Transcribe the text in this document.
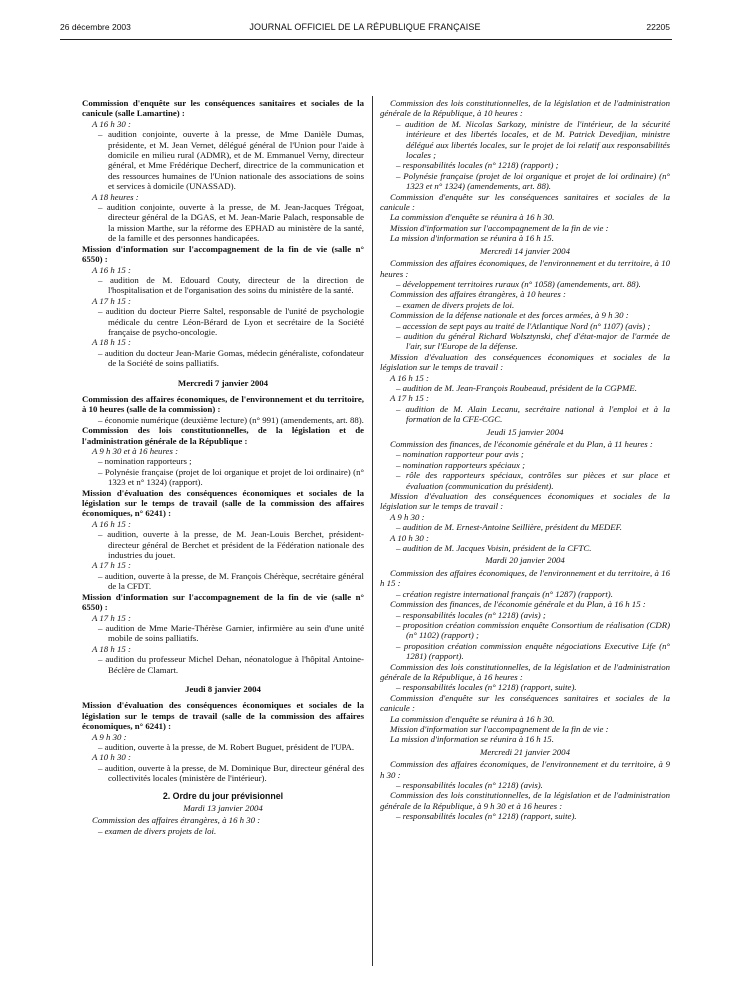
26 décembre 2003	JOURNAL OFFICIEL DE LA RÉPUBLIQUE FRANÇAISE	22205
Commission d'enquête sur les conséquences sanitaires et sociales de la canicule (salle Lamartine) :
A 16 h 30 :
– audition conjointe, ouverte à la presse, de Mme Danièle Dumas, présidente, et M. Jean Vernet, délégué général de l'Union pour l'aide à domicile en milieu rural (ADMR), et de M. Emmanuel Verny, directeur général, et Mme Frédérique Decherf, directrice de la communication et des ressources humaines de l'Union nationale des associations de soins et services à domicile (UNASSAD).
A 18 heures :
– audition conjointe, ouverte à la presse, de M. Jean-Jacques Trégoat, directeur général de la DGAS, et M. Jean-Marie Palach, responsable de la mission Marthe, sur la réforme des EPHAD au ministère de la santé, de la famille et des personnes handicapées.
Mission d'information sur l'accompagnement de la fin de vie (salle n° 6550) :
A 16 h 15 :
– audition de M. Edouard Couty, directeur de la direction de l'hospitalisation et de l'organisation des soins du ministère de la santé.
A 17 h 15 :
– audition du docteur Pierre Saltel, responsable de l'unité de psychologie médicale du centre Léon-Bérard de Lyon et secrétaire de la Société française de psycho-oncologie.
A 18 h 15 :
– audition du docteur Jean-Marie Gomas, médecin généraliste, cofondateur de la Société de soins palliatifs.
Mercredi 7 janvier 2004
Commission des affaires économiques, de l'environnement et du territoire, à 10 heures (salle de la commission) :
– économie numérique (deuxième lecture) (n° 991) (amendements, art. 88).
Commission des lois constitutionnelles, de la législation et de l'administration générale de la République :
A 9 h 30 et à 16 heures :
– nomination rapporteurs ;
– Polynésie française (projet de loi organique et projet de loi ordinaire) (n° 1323 et n° 1324) (rapport).
Mission d'évaluation des conséquences économiques et sociales de la législation sur le temps de travail (salle de la commission des affaires économiques, n° 6241) :
A 16 h 15 :
– audition, ouverte à la presse, de M. Jean-Louis Berchet, président-directeur général de Berchet et président de la Fédération nationale des industries du jouet.
A 17 h 15 :
– audition, ouverte à la presse, de M. François Chérèque, secrétaire général de la CFDT.
Mission d'information sur l'accompagnement de la fin de vie (salle n° 6550) :
A 17 h 15 :
– audition de Mme Marie-Thérèse Garnier, infirmière au sein d'une unité mobile de soins palliatifs.
A 18 h 15 :
– audition du professeur Michel Dehan, néonatologue à l'hôpital Antoine-Béclère de Clamart.
Jeudi 8 janvier 2004
Mission d'évaluation des conséquences économiques et sociales de la législation sur le temps de travail (salle de la commission des affaires économiques, n° 6241) :
A 9 h 30 :
– audition, ouverte à la presse, de M. Robert Buguet, président de l'UPA.
A 10 h 30 :
– audition, ouverte à la presse, de M. Dominique Bur, directeur général des collectivités locales (ministère de l'intérieur).
2. Ordre du jour prévisionnel
Mardi 13 janvier 2004
Commission des affaires étrangères, à 16 h 30 :
– examen de divers projets de loi.
Commission des lois constitutionnelles, de la législation et de l'administration générale de la République, à 10 heures :
– audition de M. Nicolas Sarkozy, ministre de l'intérieur, de la sécurité intérieure et des libertés locales, et de M. Patrick Devedjian, ministre délégué aux libertés locales, sur le projet de loi relatif aux responsabilités locales ;
– responsabilités locales (n° 1218) (rapport) ;
– Polynésie française (projet de loi organique et projet de loi ordinaire) (n° 1323 et n° 1324) (amendements, art. 88).
Commission d'enquête sur les conséquences sanitaires et sociales de la canicule :
La commission d'enquête se réunira à 16 h 30.
Mission d'information sur l'accompagnement de la fin de vie :
La mission d'information se réunira à 16 h 15.
Mercredi 14 janvier 2004
Commission des affaires économiques, de l'environnement et du territoire, à 10 heures :
– développement territoires ruraux (n° 1058) (amendements, art. 88).
Commission des affaires étrangères, à 10 heures :
– examen de divers projets de loi.
Commission de la défense nationale et des forces armées, à 9 h 30 :
– accession de sept pays au traité de l'Atlantique Nord (n° 1107) (avis) ;
– audition du général Richard Wolsztynski, chef d'état-major de l'armée de l'air, sur l'Europe de la défense.
Mission d'évaluation des conséquences économiques et sociales de la législation sur le temps de travail :
A 16 h 15 :
– audition de M. Jean-François Roubeaud, président de la CGPME.
A 17 h 15 :
– audition de M. Alain Lecanu, secrétaire national à l'emploi et à la formation de la CFE-CGC.
Jeudi 15 janvier 2004
Commission des finances, de l'économie générale et du Plan, à 11 heures :
– nomination rapporteur pour avis ;
– nomination rapporteurs spéciaux ;
– rôle des rapporteurs spéciaux, contrôles sur pièces et sur place et évaluation (communication du président).
Mission d'évaluation des conséquences économiques et sociales de la législation sur le temps de travail :
A 9 h 30 :
– audition de M. Ernest-Antoine Seillière, président du MEDEF.
A 10 h 30 :
– audition de M. Jacques Voisin, président de la CFTC.
Mardi 20 janvier 2004
Commission des affaires économiques, de l'environnement et du territoire, à 16 h 15 :
– création registre international français (n° 1287) (rapport).
Commission des finances, de l'économie générale et du Plan, à 16 h 15 :
– responsabilités locales (n° 1218) (avis) ;
– proposition création commission enquête Consortium de réalisation (CDR) (n° 1102) (rapport) ;
– proposition création commission enquête négociations Executive Life (n° 1281) (rapport).
Commission des lois constitutionnelles, de la législation et de l'administration générale de la République, à 16 heures :
– responsabilités locales (n° 1218) (rapport, suite).
Commission d'enquête sur les conséquences sanitaires et sociales de la canicule :
La commission d'enquête se réunira à 16 h 30.
Mission d'information sur l'accompagnement de la fin de vie :
La mission d'information se réunira à 16 h 15.
Mercredi 21 janvier 2004
Commission des affaires économiques, de l'environnement et du territoire, à 9 h 30 :
– responsabilités locales (n° 1218) (avis).
Commission des lois constitutionnelles, de la législation et de l'administration générale de la République, à 9 h 30 et à 16 heures :
– responsabilités locales (n° 1218) (rapport, suite).
